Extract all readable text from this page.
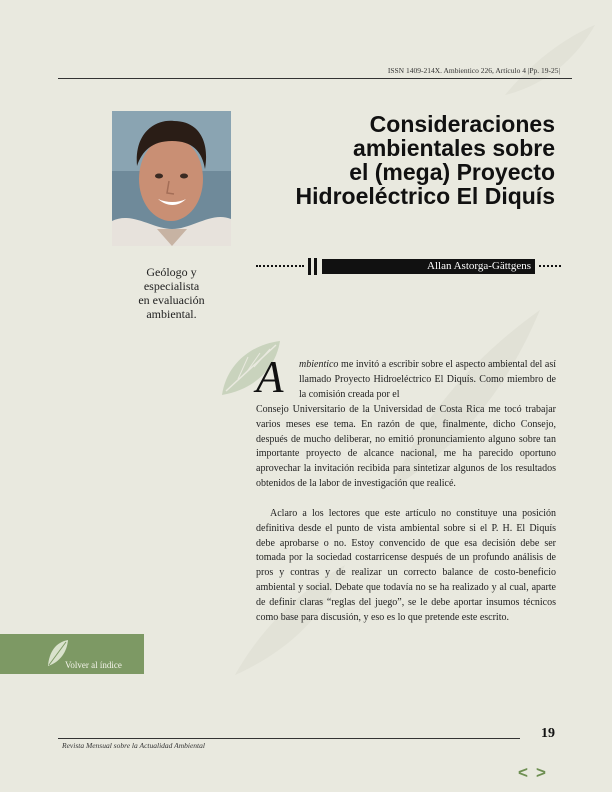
ISSN 1409-214X. Ambientico 226, Artículo 4 |Pp. 19-25|
Consideraciones
ambientales sobre
el (mega) Proyecto
Hidroeléctrico El Diquís
Allan Astorga-Gättgens
Geólogo y
especialista
en evaluación
ambiental.
A mbientico me invitó a escribir sobre el aspecto ambiental del así llamado Proyecto Hidroeléctrico El Diquís. Como miembro de la comisión creada por el

Consejo Universitario de la Universidad de Costa Rica me tocó trabajar varios meses ese tema. En razón de que, finalmente, dicho Consejo, después de mucho deliberar, no emitió pronunciamiento alguno sobre tan importante proyecto de alcance nacional, me ha parecido oportuno aprovechar la invitación recibida para sintetizar algunos de los resultados obtenidos de la labor de investigación que realicé.

Aclaro a los lectores que este artículo no constituye una posición definitiva desde el punto de vista ambiental sobre si el P. H. El Diquís debe aprobarse o no. Estoy convencido de que esa decisión debe ser tomada por la sociedad costarricense después de un profundo análisis de pros y contras y de realizar un correcto balance de costo-beneficio ambiental y social. Debate que todavía no se ha realizado y al cual, aparte de definir claras “reglas del juego”, se le debe aportar insumos técnicos como base para discusión, y eso es lo que pretende este escrito.

Volver al índice
19
Revista Mensual sobre la Actualidad Ambiental
< >
